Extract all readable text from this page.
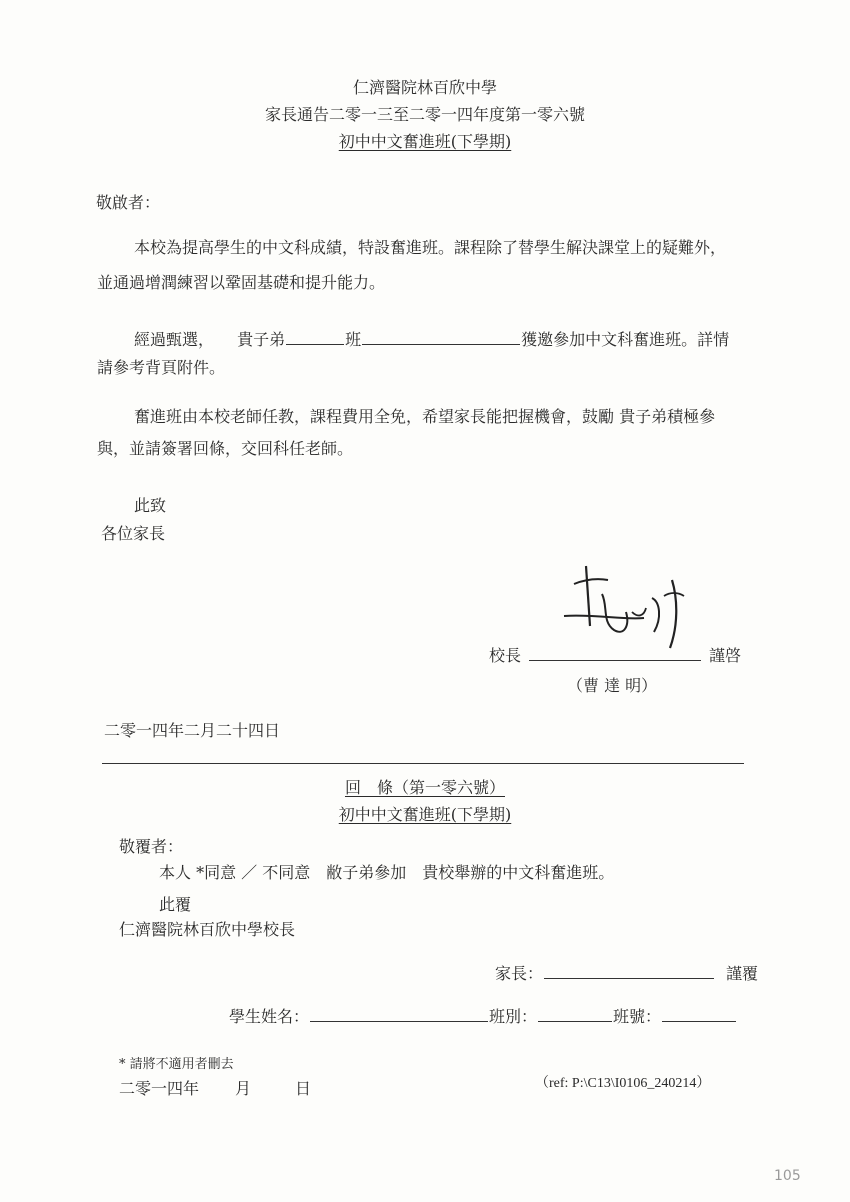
仁濟醫院林百欣中學
家長通告二零一三至二零一四年度第一零六號
初中中文奮進班(下學期)
敬啟者：
本校為提高學生的中文科成績，特設奮進班。課程除了替學生解決課堂上的疑難外，
並通過增潤練習以鞏固基礎和提升能力。
經過甄選， 貴子弟	班	獲邀參加中文科奮進班。詳情
請參考背頁附件。
奮進班由本校老師任教，課程費用全免，希望家長能把握機會，鼓勵 貴子弟積極參
與，並請簽署回條，交回科任老師。
此致
各位家長
校長	謹啓
（曹 達 明）
二零一四年二月二十四日
回　條（第一零六號）
初中中文奮進班(下學期)
敬覆者：
本人 *同意 ／ 不同意　敝子弟參加　貴校舉辦的中文科奮進班。
此覆
仁濟醫院林百欣中學校長
家長：	謹覆
學生姓名：	班別：	班號：
* 請將不適用者刪去
二零一四年 月	日	（ref: P:\C13\I0106_240214）
105
